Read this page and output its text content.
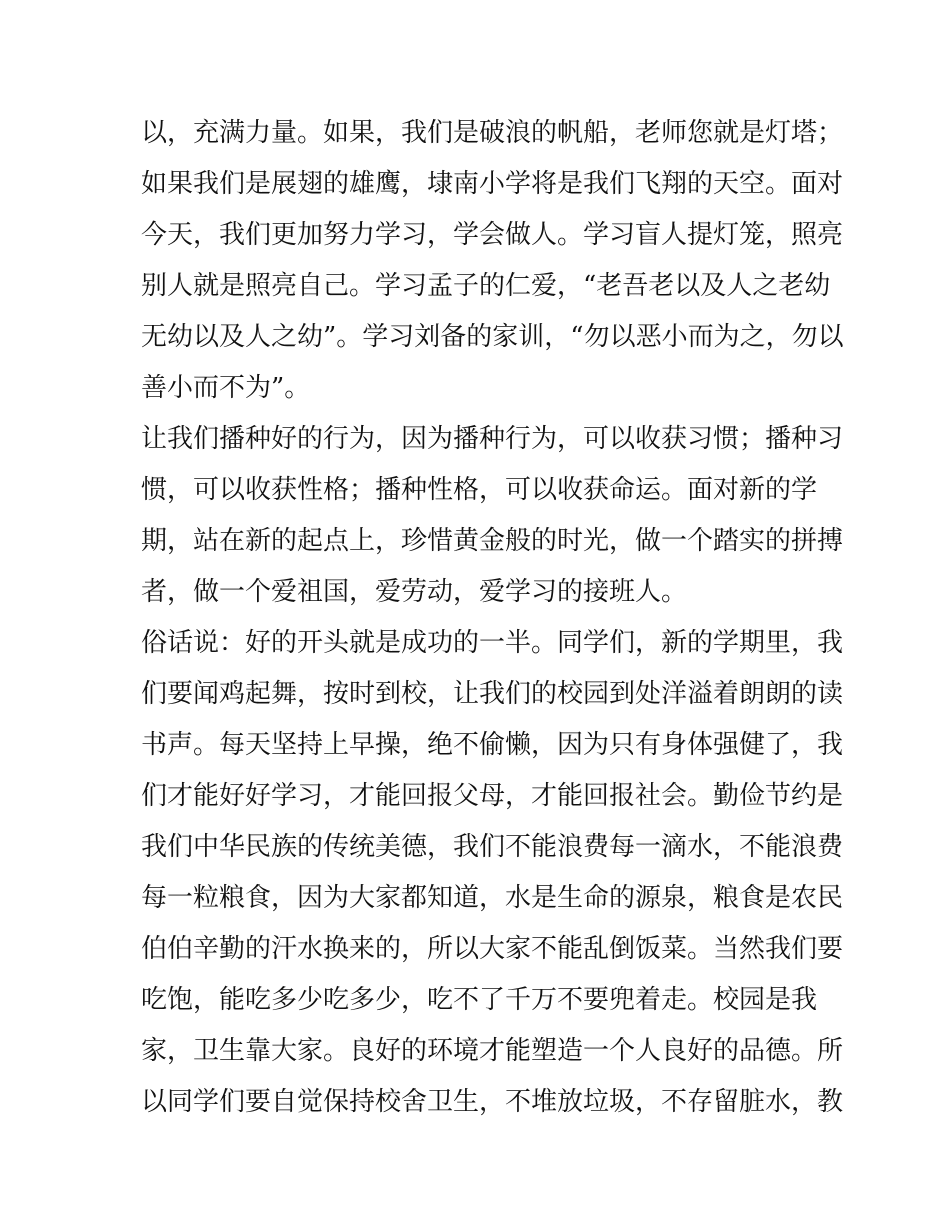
以，充满力量。如果，我们是破浪的帆船，老师您就是灯塔；
如果我们是展翅的雄鹰，埭南小学将是我们飞翔的天空。面对
今天，我们更加努力学习，学会做人。学习盲人提灯笼，照亮
别人就是照亮自己。学习孟子的仁爱，“老吾老以及人之老幼
无幼以及人之幼”。学习刘备的家训，“勿以恶小而为之，勿以
善小而不为”。
让我们播种好的行为，因为播种行为，可以收获习惯；播种习
惯，可以收获性格；播种性格，可以收获命运。面对新的学
期，站在新的起点上，珍惜黄金般的时光，做一个踏实的拼搏
者，做一个爱祖国，爱劳动，爱学习的接班人。
俗话说：好的开头就是成功的一半。同学们，新的学期里，我
们要闻鸡起舞，按时到校，让我们的校园到处洋溢着朗朗的读
书声。每天坚持上早操，绝不偷懒，因为只有身体强健了，我
们才能好好学习，才能回报父母，才能回报社会。勤俭节约是
我们中华民族的传统美德，我们不能浪费每一滴水，不能浪费
每一粒粮食，因为大家都知道，水是生命的源泉，粮食是农民
伯伯辛勤的汗水换来的，所以大家不能乱倒饭菜。当然我们要
吃饱，能吃多少吃多少，吃不了千万不要兜着走。校园是我
家，卫生靠大家。良好的环境才能塑造一个人良好的品德。所
以同学们要自觉保持校舍卫生，不堆放垃圾，不存留脏水，教
